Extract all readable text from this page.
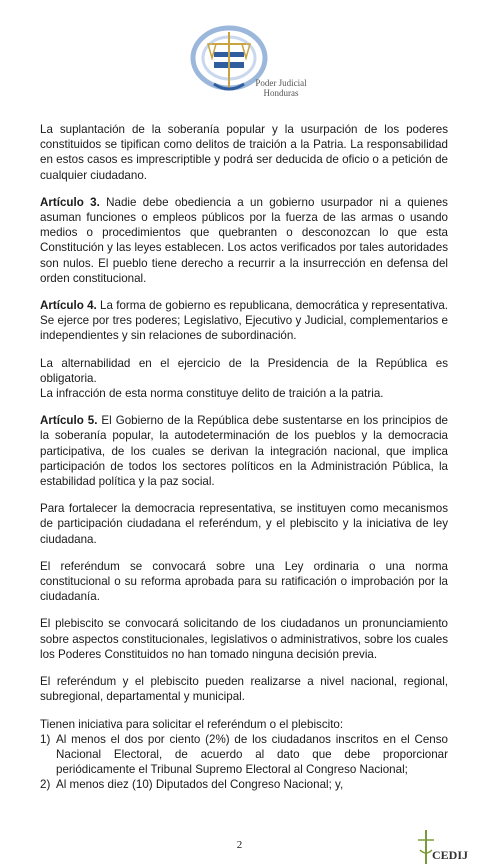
Poder Judicial
Honduras

La suplantación de la soberanía popular y la usurpación de los poderes constituidos se tipifican como delitos de traición a la Patria. La responsabilidad en estos casos es imprescriptible y podrá ser deducida de oficio o a petición de cualquier ciudadano.

Artículo 3. Nadie debe obediencia a un gobierno usurpador ni a quienes asuman funciones o empleos públicos por la fuerza de las armas o usando medios o procedimientos que quebranten o desconozcan lo que esta Constitución y las leyes establecen. Los actos verificados por tales autoridades son nulos. El pueblo tiene derecho a recurrir a la insurrección en defensa del orden constitucional.

Artículo 4. La forma de gobierno es republicana, democrática y representativa. Se ejerce por tres poderes; Legislativo, Ejecutivo y Judicial, complementarios e independientes y sin relaciones de subordinación.

La alternabilidad en el ejercicio de la Presidencia de la República es obligatoria.

La infracción de esta norma constituye delito de traición a la patria.

Artículo 5. El Gobierno de la República debe sustentarse en los principios de la soberanía popular, la autodeterminación de los pueblos y la democracia participativa, de los cuales se derivan la integración nacional, que implica participación de todos los sectores políticos en la Administración Pública, la estabilidad política y la paz social.

Para fortalecer la democracia representativa, se instituyen como mecanismos de participación ciudadana el referéndum, y el plebiscito y la iniciativa de ley ciudadana.

El referéndum se convocará sobre una Ley ordinaria o una norma constitucional o su reforma aprobada para su ratificación o improbación por la ciudadanía.

El plebiscito se convocará solicitando de los ciudadanos un pronunciamiento sobre aspectos constitucionales, legislativos o administrativos, sobre los cuales los Poderes Constituidos no han tomado ninguna decisión previa.

El referéndum y el plebiscito pueden realizarse a nivel nacional, regional, subregional, departamental y municipal.

Tienen iniciativa para solicitar el referéndum o el plebiscito:

1) Al menos el dos por ciento (2%) de los ciudadanos inscritos en el Censo Nacional Electoral, de acuerdo al dato que debe proporcionar periódicamente el Tribunal Supremo Electoral al Congreso Nacional;
2) Al menos diez (10) Diputados del Congreso Nacional; y,
2
CEDIJ
